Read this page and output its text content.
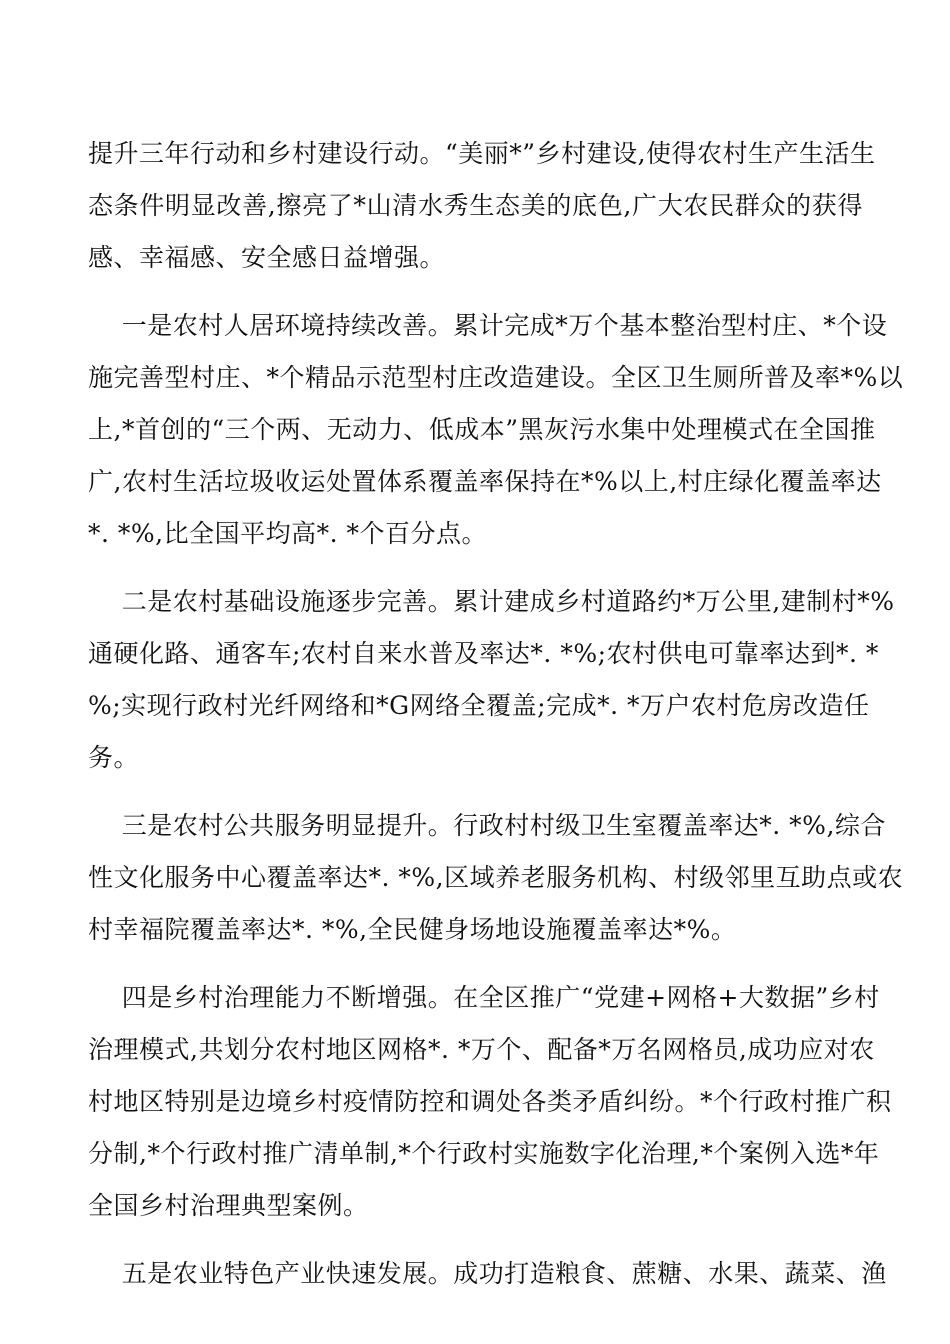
提升三年行动和乡村建设行动。“美丽*”乡村建设,使得农村生产生活生
态条件明显改善,擦亮了*山清水秀生态美的底色,广大农民群众的获得
感、幸福感、安全感日益增强。
一是农村人居环境持续改善。累计完成*万个基本整治型村庄、*个设
施完善型村庄、*个精品示范型村庄改造建设。全区卫生厕所普及率*%以
上,*首创的“三个两、无动力、低成本”黑灰污水集中处理模式在全国推
广,农村生活垃圾收运处置体系覆盖率保持在*%以上,村庄绿化覆盖率达
*. *%,比全国平均高*. *个百分点。
二是农村基础设施逐步完善。累计建成乡村道路约*万公里,建制村*%
通硬化路、通客车;农村自来水普及率达*. *%;农村供电可靠率达到*. *
%;实现行政村光纤网络和*G网络全覆盖;完成*. *万户农村危房改造任
务。
三是农村公共服务明显提升。行政村村级卫生室覆盖率达*. *%,综合
性文化服务中心覆盖率达*. *%,区域养老服务机构、村级邻里互助点或农
村幸福院覆盖率达*. *%,全民健身场地设施覆盖率达*%。
四是乡村治理能力不断增强。在全区推广“党建+网格+大数据”乡村
治理模式,共划分农村地区网格*. *万个、配备*万名网格员,成功应对农
村地区特别是边境乡村疫情防控和调处各类矛盾纠纷。*个行政村推广积
分制,*个行政村推广清单制,*个行政村实施数字化治理,*个案例入选*年
全国乡村治理典型案例。
五是农业特色产业快速发展。成功打造粮食、蔗糖、水果、蔬菜、渔
